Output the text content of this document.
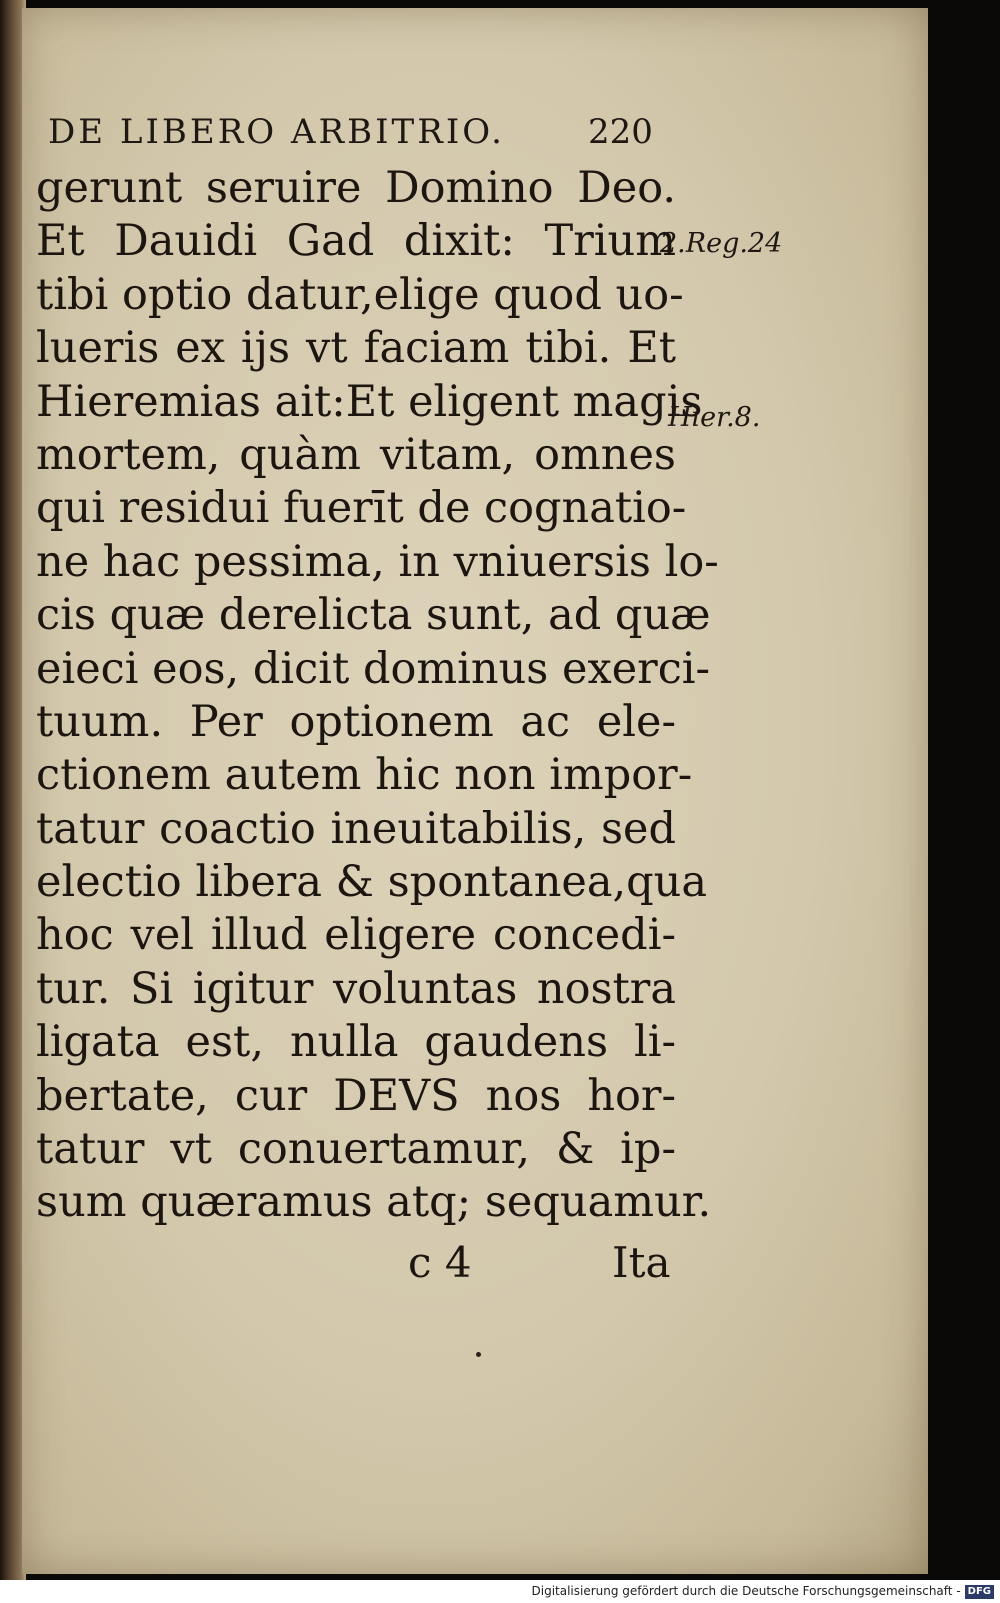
DE LIBERO ARBITRIO. 220
gerunt seruire Domino Deo.
Et Dauidi Gad dixit: Trium
tibi optio datur,elige quod uo-
lueris ex ijs vt faciam tibi. Et
Hieremias ait:Et eligent magis
mortem, quàm vitam, omnes
qui residui fuerīt de cognatio-
ne hac pessima, in vniuersis lo-
cis quæ derelicta sunt, ad quæ
eieci eos, dicit dominus exerci-
tuum. Per optionem ac ele-
ctionem autem hic non impor-
tatur coactio ineuitabilis, sed
electio libera & spontanea,qua
hoc vel illud eligere concedi-
tur. Si igitur voluntas nostra
ligata est, nulla gaudens li-
bertate, cur DEVS nos hor-
tatur vt conuertamur, & ip-
sum quæramus atq; sequamur.
2.Reg.24
Hier.8.
c 4	Ita
Digitalisierung gefördert durch die Deutsche Forschungsgemeinschaft - DFG
